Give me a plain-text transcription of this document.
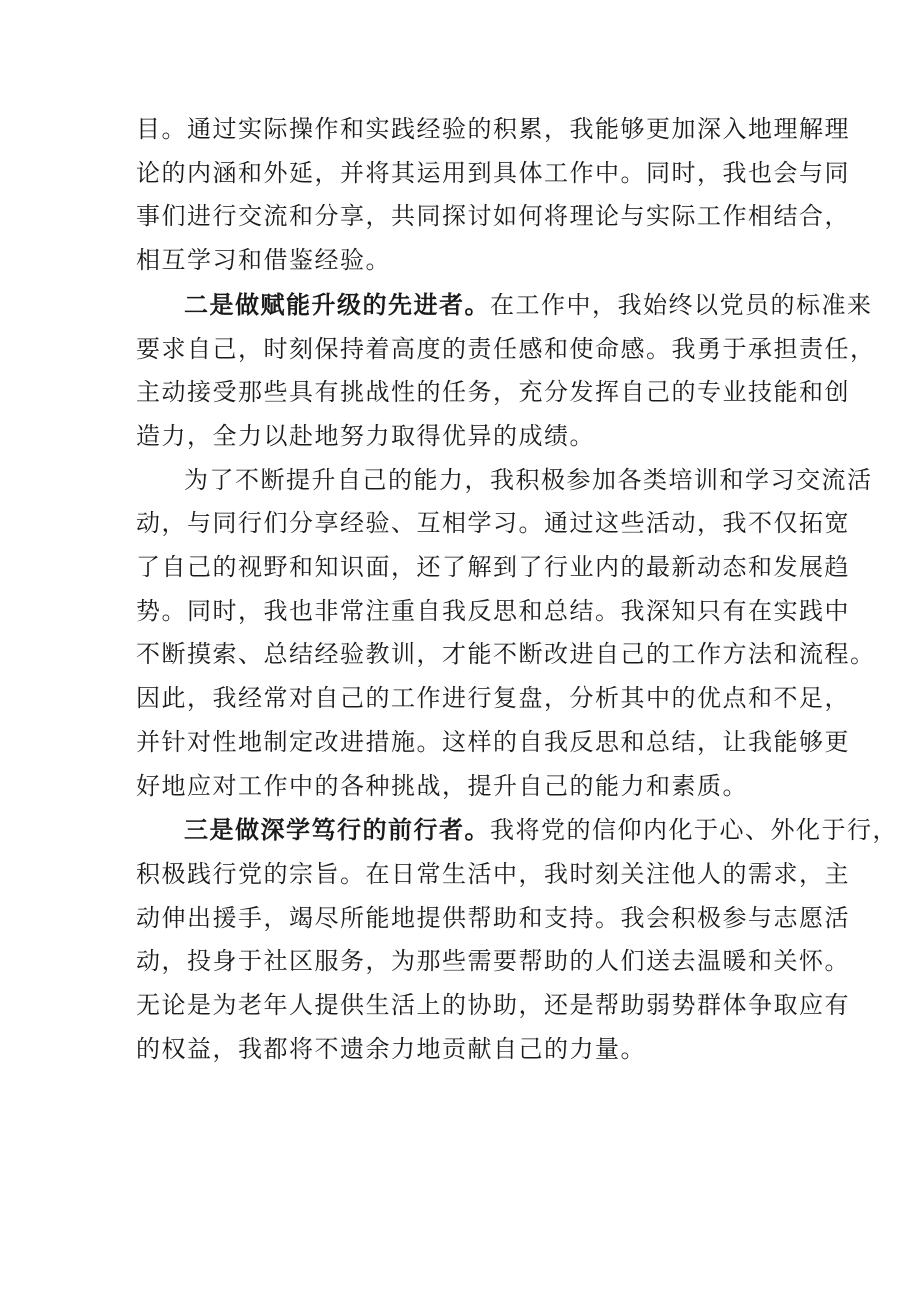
目。通过实际操作和实践经验的积累，我能够更加深入地理解理
论的内涵和外延，并将其运用到具体工作中。同时，我也会与同
事们进行交流和分享，共同探讨如何将理论与实际工作相结合，
相互学习和借鉴经验。

二是做赋能升级的先进者。在工作中，我始终以党员的标准来
要求自己，时刻保持着高度的责任感和使命感。我勇于承担责任，
主动接受那些具有挑战性的任务，充分发挥自己的专业技能和创
造力，全力以赴地努力取得优异的成绩。

为了不断提升自己的能力，我积极参加各类培训和学习交流活
动，与同行们分享经验、互相学习。通过这些活动，我不仅拓宽
了自己的视野和知识面，还了解到了行业内的最新动态和发展趋
势。同时，我也非常注重自我反思和总结。我深知只有在实践中
不断摸索、总结经验教训，才能不断改进自己的工作方法和流程。
因此，我经常对自己的工作进行复盘，分析其中的优点和不足，
并针对性地制定改进措施。这样的自我反思和总结，让我能够更
好地应对工作中的各种挑战，提升自己的能力和素质。

三是做深学笃行的前行者。我将党的信仰内化于心、外化于行，
积极践行党的宗旨。在日常生活中，我时刻关注他人的需求，主
动伸出援手，竭尽所能地提供帮助和支持。我会积极参与志愿活
动，投身于社区服务，为那些需要帮助的人们送去温暖和关怀。
无论是为老年人提供生活上的协助，还是帮助弱势群体争取应有
的权益，我都将不遗余力地贡献自己的力量。
